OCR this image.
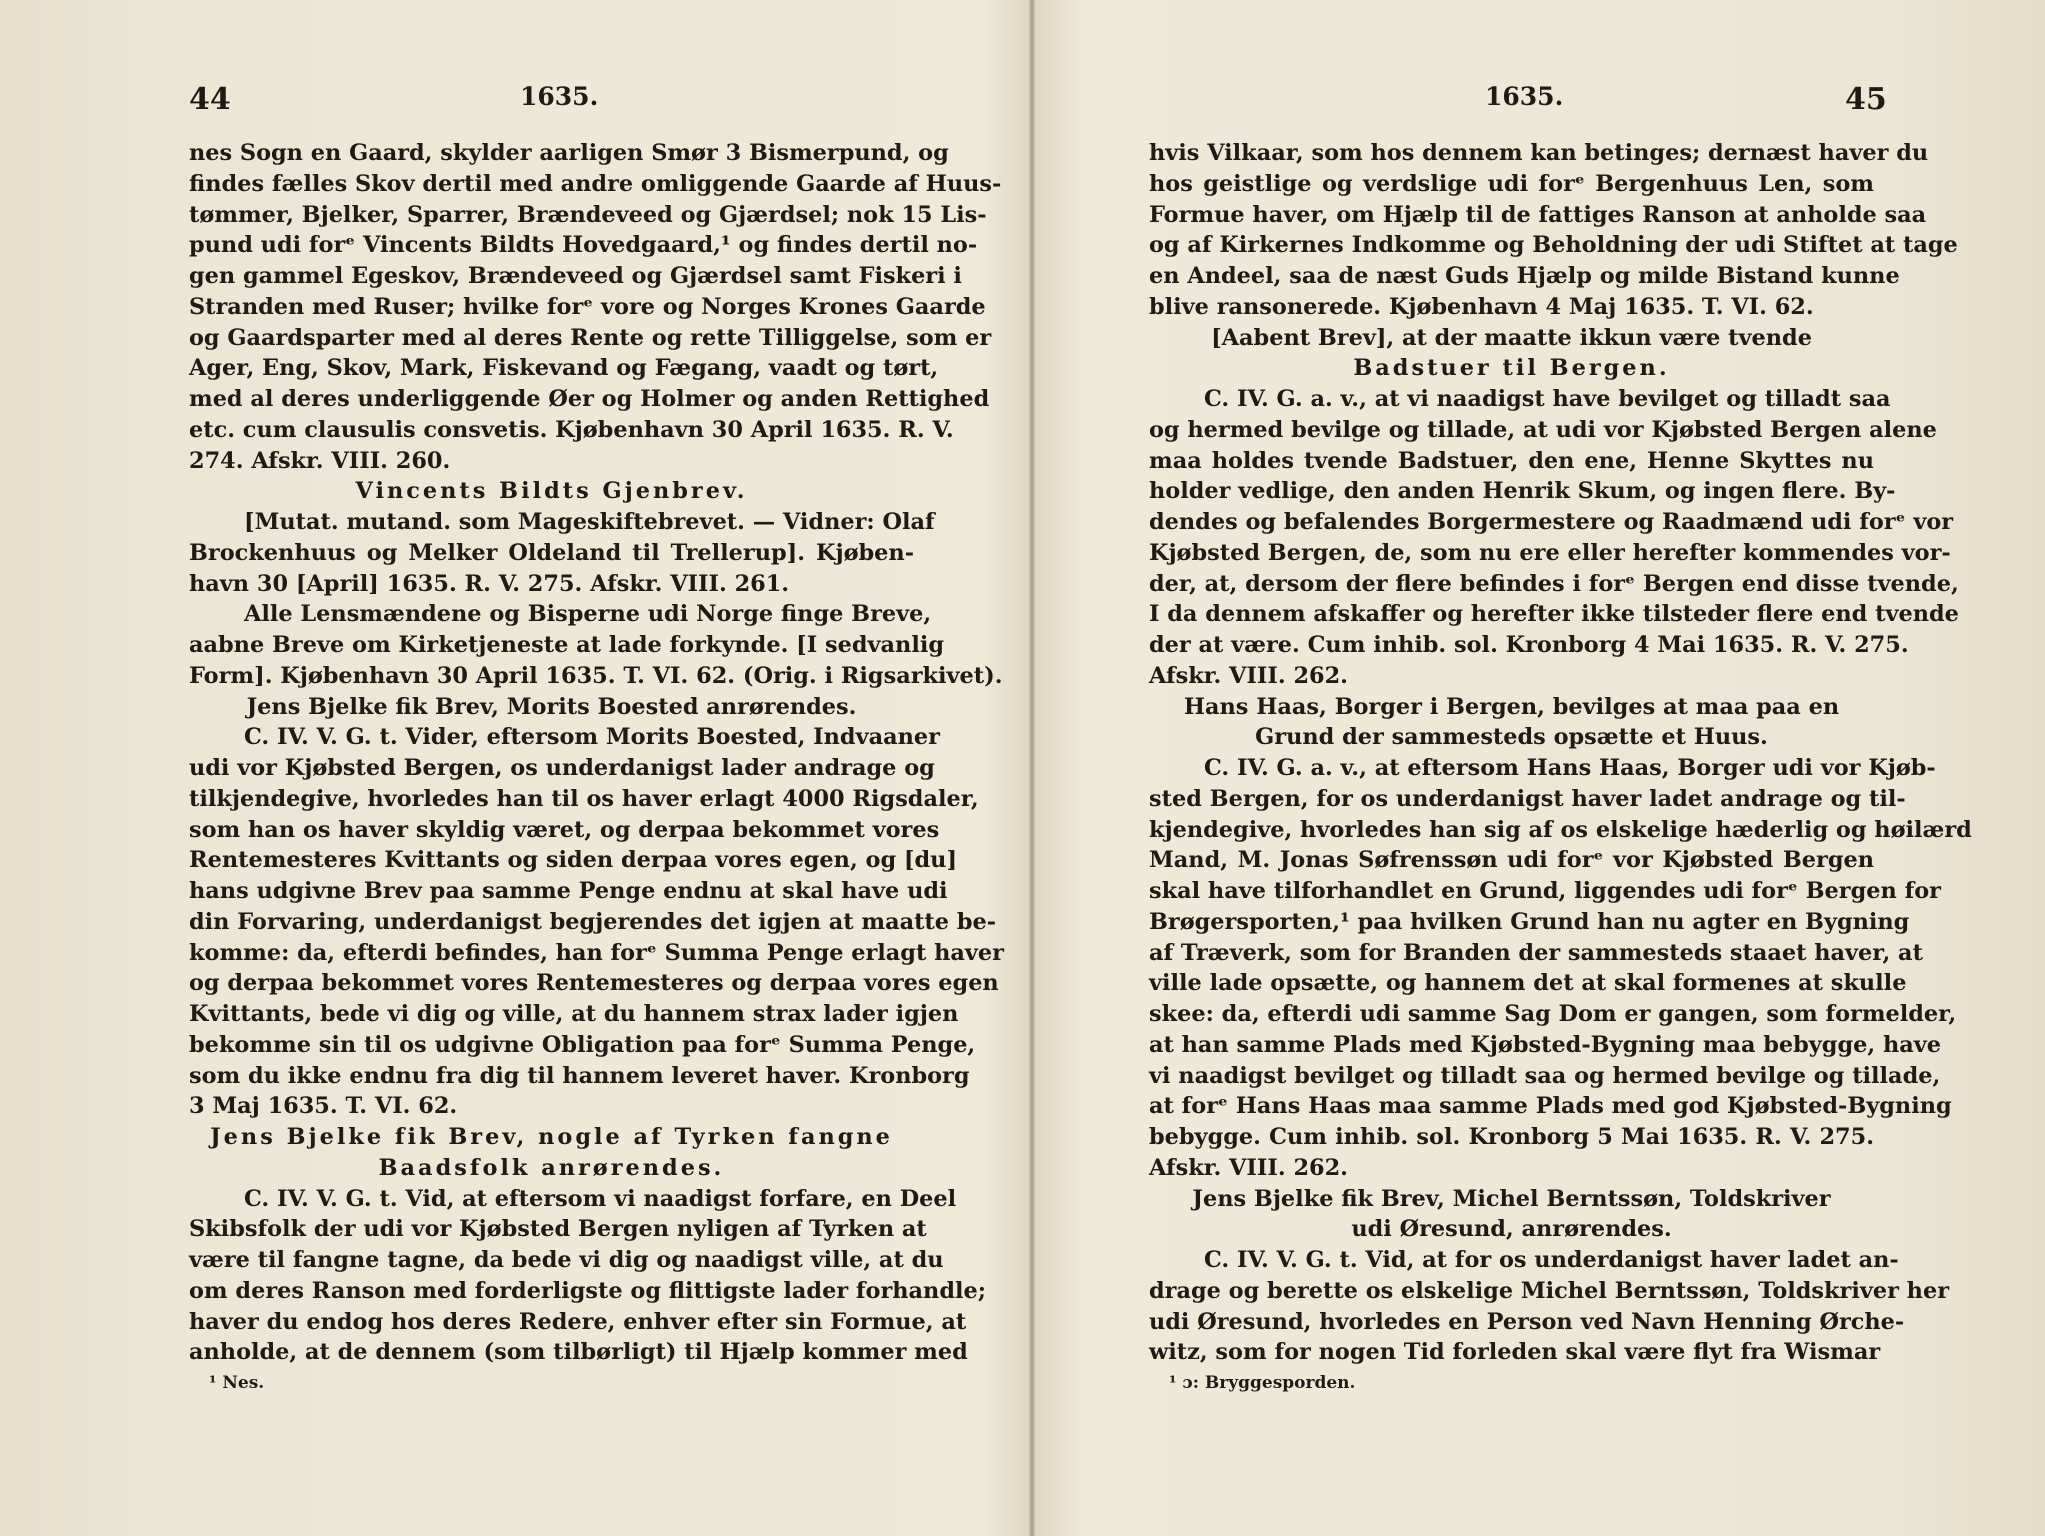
44	1635.
nes Sogn en Gaard, skylder aarligen Smør 3 Bismerpund, og
findes fælles Skov dertil med andre omliggende Gaarde af Huus-
tømmer, Bjelker, Sparrer, Brændeveed og Gjærdsel; nok 15 Lis-
pund udi forᵉ Vincents Bildts Hovedgaard,¹ og findes dertil no-
gen gammel Egeskov, Brændeveed og Gjærdsel samt Fiskeri i
Stranden med Ruser; hvilke forᵉ vore og Norges Krones Gaarde
og Gaardsparter med al deres Rente og rette Tilliggelse, som er
Ager, Eng, Skov, Mark, Fiskevand og Fægang, vaadt og tørt,
med al deres underliggende Øer og Holmer og anden Rettighed
etc. cum clausulis consvetis. Kjøbenhavn 30 April 1635. R. V.
274. Afskr. VIII. 260.
Vincents Bildts Gjenbrev.
[Mutat. mutand. som Mageskiftebrevet. — Vidner: Olaf
Brockenhuus og Melker Oldeland til Trellerup]. Kjøben-
havn 30 [April] 1635. R. V. 275. Afskr. VIII. 261.
Alle Lensmændene og Bisperne udi Norge finge Breve,
aabne Breve om Kirketjeneste at lade forkynde. [I sedvanlig
Form]. Kjøbenhavn 30 April 1635. T. VI. 62. (Orig. i Rigsarkivet).
Jens Bjelke fik Brev, Morits Boested anrørendes.
C. IV. V. G. t. Vider, eftersom Morits Boested, Indvaaner
udi vor Kjøbsted Bergen, os underdanigst lader andrage og
tilkjendegive, hvorledes han til os haver erlagt 4000 Rigsdaler,
som han os haver skyldig været, og derpaa bekommet vores
Rentemesteres Kvittants og siden derpaa vores egen, og [du]
hans udgivne Brev paa samme Penge endnu at skal have udi
din Forvaring, underdanigst begjerendes det igjen at maatte be-
komme: da, efterdi befindes, han forᵉ Summa Penge erlagt haver
og derpaa bekommet vores Rentemesteres og derpaa vores egen
Kvittants, bede vi dig og ville, at du hannem strax lader igjen
bekomme sin til os udgivne Obligation paa forᵉ Summa Penge,
som du ikke endnu fra dig til hannem leveret haver. Kronborg
3 Maj 1635. T. VI. 62.
Jens Bjelke fik Brev, nogle af Tyrken fangne
Baadsfolk anrørendes.
C. IV. V. G. t. Vid, at eftersom vi naadigst forfare, en Deel
Skibsfolk der udi vor Kjøbsted Bergen nyligen af Tyrken at
være til fangne tagne, da bede vi dig og naadigst ville, at du
om deres Ranson med forderligste og flittigste lader forhandle;
haver du endog hos deres Redere, enhver efter sin Formue, at
anholde, at de dennem (som tilbørligt) til Hjælp kommer med
¹ Nes.
1635.	45
hvis Vilkaar, som hos dennem kan betinges; dernæst haver du
hos geistlige og verdslige udi forᵉ Bergenhuus Len, som
Formue haver, om Hjælp til de fattiges Ranson at anholde saa
og af Kirkernes Indkomme og Beholdning der udi Stiftet at tage
en Andeel, saa de næst Guds Hjælp og milde Bistand kunne
blive ransonerede. Kjøbenhavn 4 Maj 1635. T. VI. 62.
[Aabent Brev], at der maatte ikkun være tvende
Badstuer til Bergen.
C. IV. G. a. v., at vi naadigst have bevilget og tilladt saa
og hermed bevilge og tillade, at udi vor Kjøbsted Bergen alene
maa holdes tvende Badstuer, den ene, Henne Skyttes nu
holder vedlige, den anden Henrik Skum, og ingen flere. By-
dendes og befalendes Borgermestere og Raadmænd udi forᵉ vor
Kjøbsted Bergen, de, som nu ere eller herefter kommendes vor-
der, at, dersom der flere befindes i forᵉ Bergen end disse tvende,
I da dennem afskaffer og herefter ikke tilsteder flere end tvende
der at være. Cum inhib. sol. Kronborg 4 Mai 1635. R. V. 275.
Afskr. VIII. 262.
Hans Haas, Borger i Bergen, bevilges at maa paa en
Grund der sammesteds opsætte et Huus.
C. IV. G. a. v., at eftersom Hans Haas, Borger udi vor Kjøb-
sted Bergen, for os underdanigst haver ladet andrage og til-
kjendegive, hvorledes han sig af os elskelige hæderlig og høilærd
Mand, M. Jonas Søfrenssøn udi forᵉ vor Kjøbsted Bergen
skal have tilforhandlet en Grund, liggendes udi forᵉ Bergen for
Brøgersporten,¹ paa hvilken Grund han nu agter en Bygning
af Træverk, som for Branden der sammesteds staaet haver, at
ville lade opsætte, og hannem det at skal formenes at skulle
skee: da, efterdi udi samme Sag Dom er gangen, som formelder,
at han samme Plads med Kjøbsted-Bygning maa bebygge, have
vi naadigst bevilget og tilladt saa og hermed bevilge og tillade,
at forᵉ Hans Haas maa samme Plads med god Kjøbsted-Bygning
bebygge. Cum inhib. sol. Kronborg 5 Mai 1635. R. V. 275.
Afskr. VIII. 262.
Jens Bjelke fik Brev, Michel Berntssøn, Toldskriver
udi Øresund, anrørendes.
C. IV. V. G. t. Vid, at for os underdanigst haver ladet an-
drage og berette os elskelige Michel Berntssøn, Toldskriver her
udi Øresund, hvorledes en Person ved Navn Henning Ørche-
witz, som for nogen Tid forleden skal være flyt fra Wismar
¹ ɔ: Bryggesporden.
